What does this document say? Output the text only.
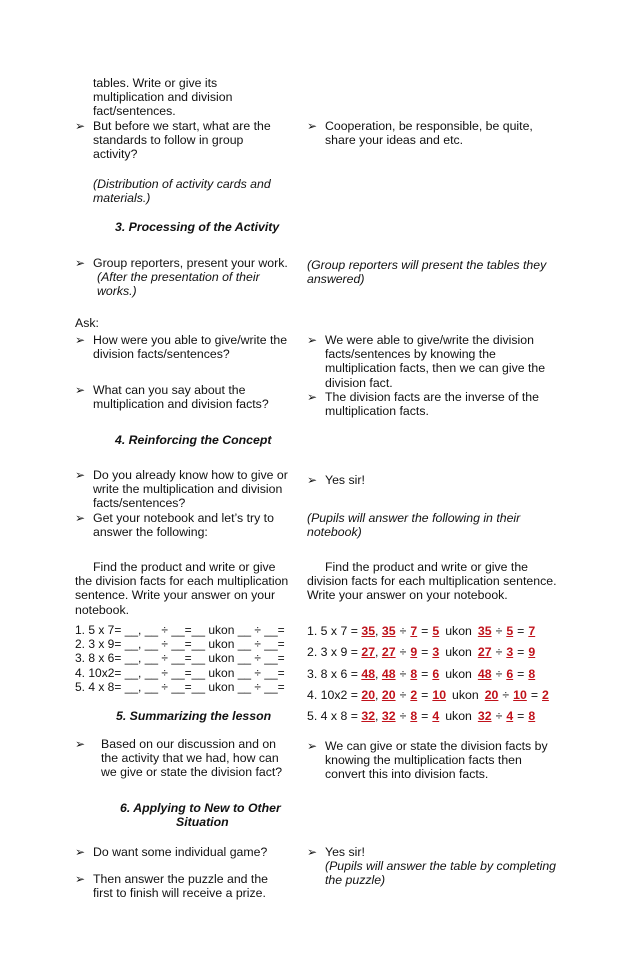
tables. Write or give its
multiplication and division
fact/sentences.
➢ But before we start, what are the
standards to follow in group
activity?
(Distribution of activity cards and
materials.)
3. Processing of the Activity
➢ Group reporters, present your work.
(After the presentation of their
works.)
Ask:
➢ How were you able to give/write the
division facts/sentences?
➢ What can you say about the
multiplication and division facts?
4. Reinforcing the Concept
➢ Do you already know how to give or
write the multiplication and division
facts/sentences?
➢ Get your notebook and let’s try to
answer the following:
Find the product and write or give
the division facts for each multiplication
sentence. Write your answer on your
notebook.
1. 5 x 7= __, __ ÷ __=__ ukon __ ÷ __=
2. 3 x 9= __, __ ÷ __=__ ukon __ ÷ __=
3. 8 x 6= __, __ ÷ __=__ ukon __ ÷ __=
4. 10x2= __, __ ÷ __=__ ukon __ ÷ __=
5. 4 x 8= __, __ ÷ __=__ ukon __ ÷ __=
5. Summarizing the lesson
➢ Based on our discussion and on
the activity that we had, how can
we give or state the division fact?
6. Applying to New to Other
Situation
➢ Do want some individual game?
➢ Then answer the puzzle and the
first to finish will receive a prize.
➢ Cooperation, be responsible, be quite,
share your ideas and etc.
(Group reporters will present the tables they
answered)
➢ We were able to give/write the division
facts/sentences by knowing the
multiplication facts, then we can give the
division fact.
➢ The division facts are the inverse of the
multiplication facts.
➢ Yes sir!
(Pupils will answer the following in their
notebook)
Find the product and write or give the
division facts for each multiplication sentence.
Write your answer on your notebook.
1. 5 x 7 = 35, 35 ÷ 7 = 5 ukon 35 ÷ 5 = 7
2. 3 x 9 = 27, 27 ÷ 9 = 3 ukon 27 ÷ 3 = 9
3. 8 x 6 = 48, 48 ÷ 8 = 6 ukon 48 ÷ 6 = 8
4. 10x2 = 20, 20 ÷ 2 = 10 ukon 20 ÷ 10 = 2
5. 4 x 8 = 32, 32 ÷ 8 = 4 ukon 32 ÷ 4 = 8
➢ We can give or state the division facts by
knowing the multiplication facts then
convert this into division facts.
➢ Yes sir!
(Pupils will answer the table by completing
the puzzle)
